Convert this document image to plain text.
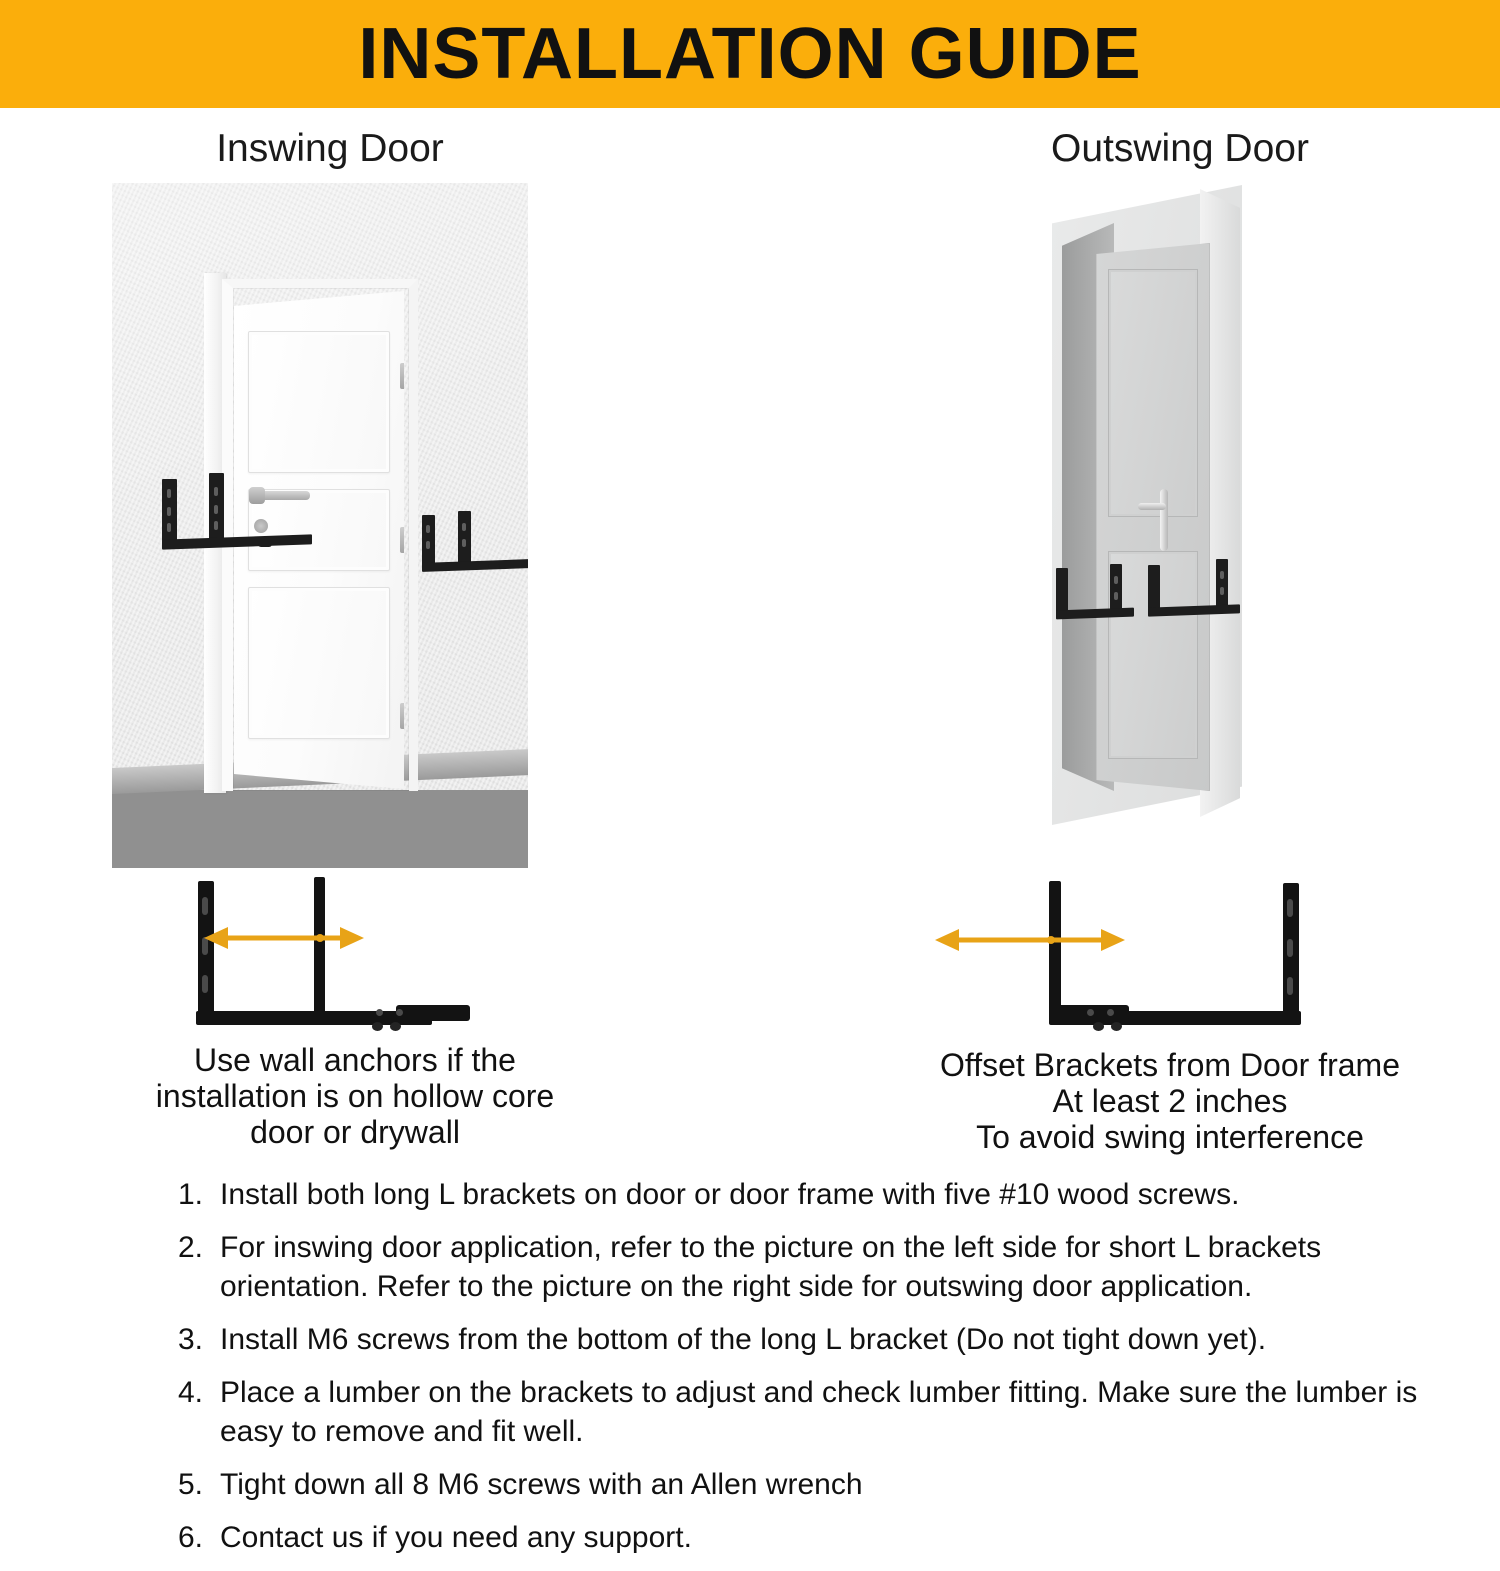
INSTALLATION GUIDE
Inswing Door	Outswing Door
Use wall anchors if the
installation is on hollow core
door or drywall
Offset Brackets from Door frame
At least 2 inches
To avoid swing interference
1. Install both long L brackets on door or door frame with five #10 wood screws.
2. For inswing door application, refer to the picture on the left side for short L brackets orientation. Refer to the picture on the right side for outswing door application.
3. Install M6 screws from the bottom of the long L bracket (Do not tight down yet).
4. Place a lumber on the brackets to adjust and check lumber fitting. Make sure the lumber is easy to remove and fit well.
5. Tight down all 8 M6 screws with an Allen wrench
6. Contact us if you need any support.
